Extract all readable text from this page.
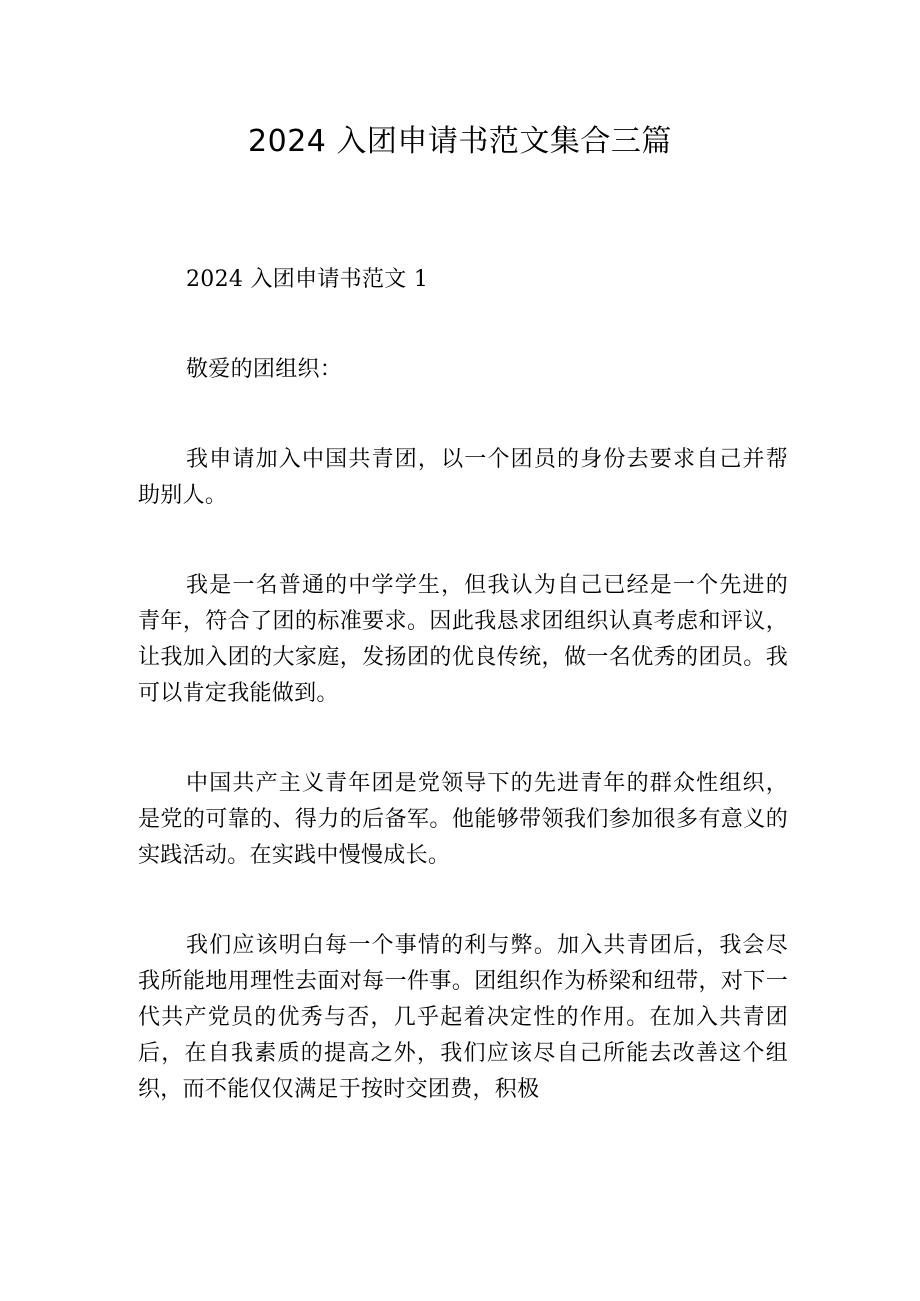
2024 入团申请书范文集合三篇

2024 入团申请书范文 1

敬爱的团组织：

我申请加入中国共青团，以一个团员的身份去要求自己并帮助别人。

我是一名普通的中学学生，但我认为自己已经是一个先进的青年，符合了团的标准要求。因此我恳求团组织认真考虑和评议，让我加入团的大家庭，发扬团的优良传统，做一名优秀的团员。我可以肯定我能做到。

中国共产主义青年团是党领导下的先进青年的群众性组织，是党的可靠的、得力的后备军。他能够带领我们参加很多有意义的实践活动。在实践中慢慢成长。

我们应该明白每一个事情的利与弊。加入共青团后，我会尽我所能地用理性去面对每一件事。团组织作为桥梁和纽带，对下一代共产党员的优秀与否，几乎起着决定性的作用。在加入共青团后，在自我素质的提高之外，我们应该尽自己所能去改善这个组织，而不能仅仅满足于按时交团费，积极
